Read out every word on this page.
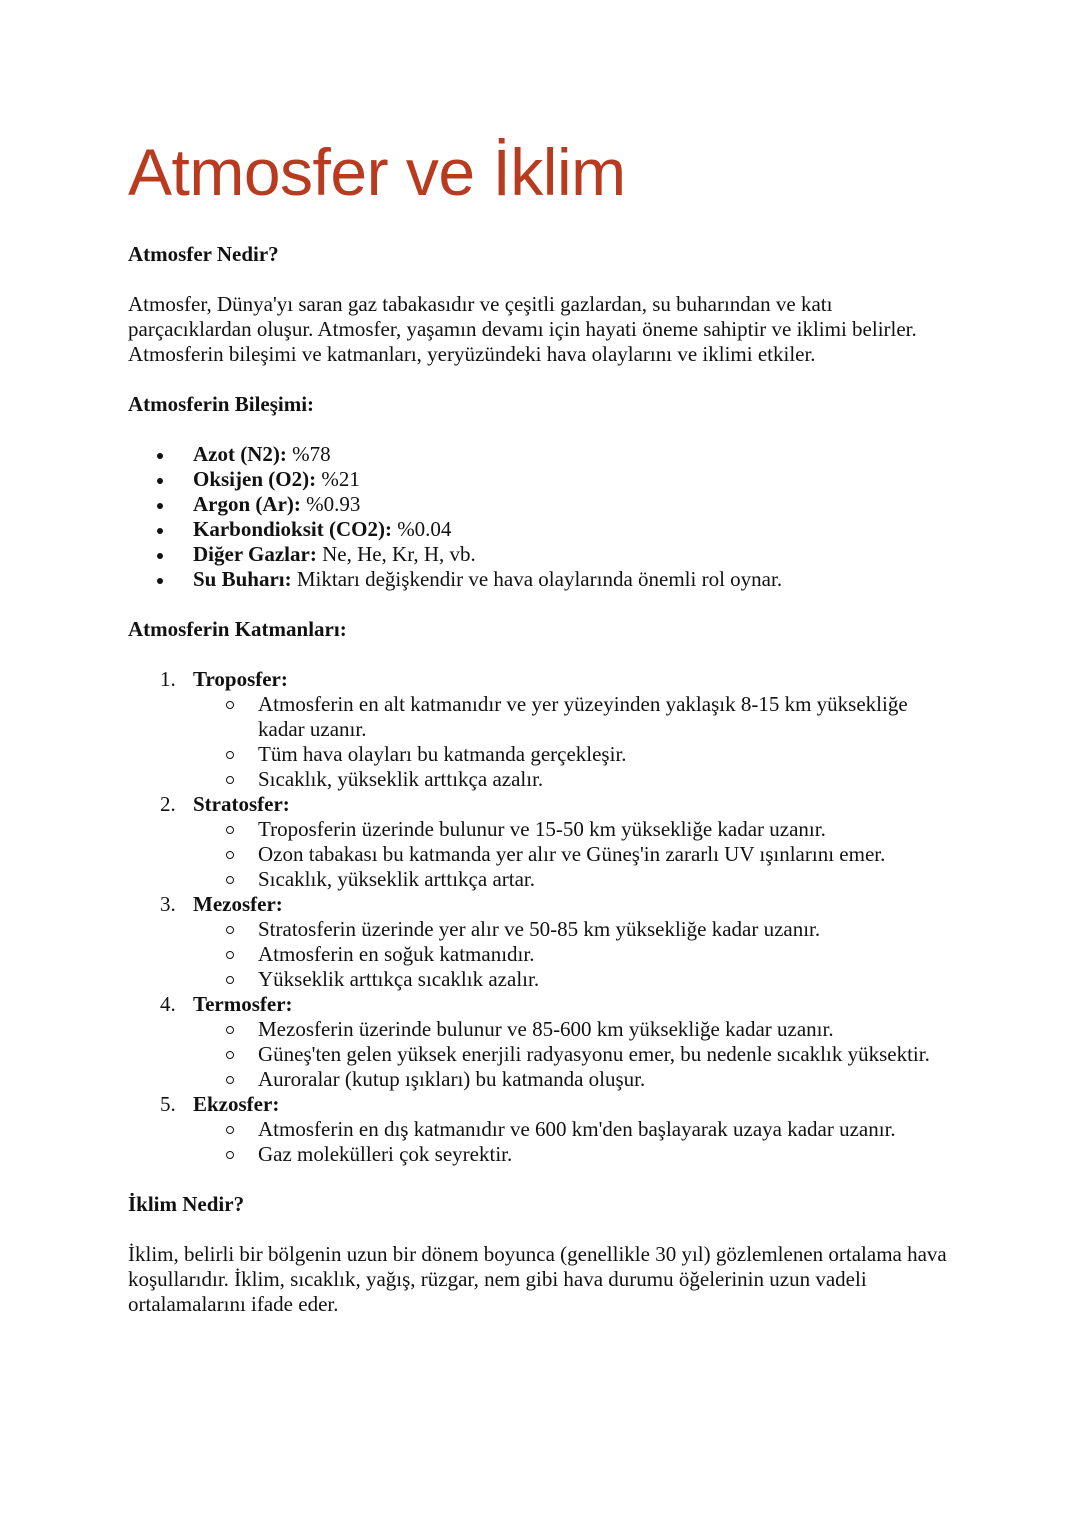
Atmosfer ve İklim

Atmosfer Nedir?

Atmosfer, Dünya'yı saran gaz tabakasıdır ve çeşitli gazlardan, su buharından ve katı parçacıklardan oluşur. Atmosfer, yaşamın devamı için hayati öneme sahiptir ve iklimi belirler. Atmosferin bileşimi ve katmanları, yeryüzündeki hava olaylarını ve iklimi etkiler.

Atmosferin Bileşimi:

Azot (N2): %78
Oksijen (O2): %21
Argon (Ar): %0.93
Karbondioksit (CO2): %0.04
Diğer Gazlar: Ne, He, Kr, H, vb.
Su Buharı: Miktarı değişkendir ve hava olaylarında önemli rol oynar.

Atmosferin Katmanları:

1. Troposfer:
Atmosferin en alt katmanıdır ve yer yüzeyinden yaklaşık 8-15 km yüksekliğe kadar uzanır.
Tüm hava olayları bu katmanda gerçekleşir.
Sıcaklık, yükseklik arttıkça azalır.
2. Stratosfer:
Troposferin üzerinde bulunur ve 15-50 km yüksekliğe kadar uzanır.
Ozon tabakası bu katmanda yer alır ve Güneş'in zararlı UV ışınlarını emer.
Sıcaklık, yükseklik arttıkça artar.
3. Mezosfer:
Stratosferin üzerinde yer alır ve 50-85 km yüksekliğe kadar uzanır.
Atmosferin en soğuk katmanıdır.
Yükseklik arttıkça sıcaklık azalır.
4. Termosfer:
Mezosferin üzerinde bulunur ve 85-600 km yüksekliğe kadar uzanır.
Güneş'ten gelen yüksek enerjili radyasyonu emer, bu nedenle sıcaklık yüksektir.
Auroralar (kutup ışıkları) bu katmanda oluşur.
5. Ekzosfer:
Atmosferin en dış katmanıdır ve 600 km'den başlayarak uzaya kadar uzanır.
Gaz molekülleri çok seyrektir.

İklim Nedir?

İklim, belirli bir bölgenin uzun bir dönem boyunca (genellikle 30 yıl) gözlemlenen ortalama hava koşullarıdır. İklim, sıcaklık, yağış, rüzgar, nem gibi hava durumu öğelerinin uzun vadeli ortalamalarını ifade eder.
